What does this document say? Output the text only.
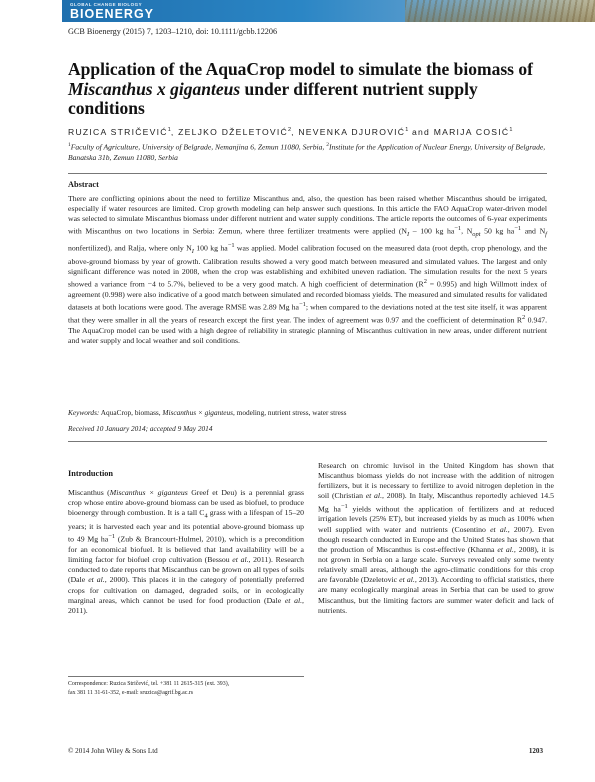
GLOBAL CHANGE BIOLOGY
BIOENERGY
GCB Bioenergy (2015) 7, 1203–1210, doi: 10.1111/gcbb.12206
Application of the AquaCrop model to simulate the biomass of Miscanthus x giganteus under different nutrient supply conditions
RUZICA STRIČEVIĆ$^1$, ZELJKO DŽELETOVIĆ$^2$, NEVENKA DJUROVIĆ$^1$ and MARIJA COSIĆ$^1$
$^1$Faculty of Agriculture, University of Belgrade, Nemanjina 6, Zemun 11080, Serbia, $^2$Institute for the Application of Nuclear Energy, University of Belgrade, Banatska 31b, Zemun 11080, Serbia
Abstract

There are conflicting opinions about the need to fertilize Miscanthus and, also, the question has been raised whether Miscanthus should be irrigated, especially if water resources are limited. Crop growth modeling can help answer such questions. In this article the FAO AquaCrop water-driven model was selected to simulate Miscanthus biomass under different nutrient and water supply conditions. The article reports the outcomes of 6-year experiments with Miscanthus on two locations in Serbia: Zemun, where three fertilizer treatments were applied ($N_I - 100$ kg $ha^{-1}$, $N_{opt}$ 50 kg $ha^{-1}$ and $N_f$ nonfertilized), and Ralja, where only $N_I$ 100 kg $ha^{-1}$ was applied. Model calibration focused on the measured data (root depth, crop phenology, and the above-ground biomass by year of growth. Calibration results showed a very good match between measured and simulated values. The largest and only significant difference was noted in 2008, when the crop was establishing and exhibited uneven radiation. The simulation results for the next 5 years showed a variance from −4 to 5.7%, believed to be a very good match. A high coefficient of determination $(R^2 = 0.995)$ and high Willmott index of agreement (0.998) were also indicative of a good match between simulated and recorded biomass yields. The measured and simulated results for validated datasets at both locations were good. The average RMSE was 2.89 Mg $ha^{-1}$; when compared to the deviations noted at the test site itself, it was apparent that they were smaller in all the years of research except the first year. The index of agreement was 0.97 and the coefficient of determination $R^2$ 0.947. The AquaCrop model can be used with a high degree of reliability in strategic planning of Miscanthus cultivation in new areas, under different nutrient and water supply and local weather and soil conditions.

Keywords: AquaCrop, biomass, Miscanthus × giganteus, modeling, nutrient stress, water stress
Received 10 January 2014; accepted 9 May 2014
Introduction

Miscanthus (Miscanthus × giganteus Greef et Deu) is a perennial grass crop whose entire above-ground biomass can be used as biofuel, to produce bioenergy through combustion. It is a tall $C_4$ grass with a lifespan of 15–20 years; it is harvested each year and its potential above-ground biomass up to 49 Mg $ha^{-1}$ (Zub & Brancourt-Hulmel, 2010), which is a precondition for an economical biofuel. It is believed that land availability will be a limiting factor for biofuel crop cultivation (Bessou et al., 2011). Research conducted to date reports that Miscanthus can be grown on all types of soils (Dale et al., 2000). This places it in the category of potentially preferred crops for cultivation on damaged, degraded soils, or in ecologically marginal areas, which cannot be used for food production (Dale et al., 2011).

Research on chromic luvisol in the United Kingdom has shown that Miscanthus biomass yields do not increase with the addition of nitrogen fertilizers, but it is necessary to fertilize to avoid nitrogen depletion in the soil (Christian et al., 2008). In Italy, Miscanthus reportedly achieved 14.5 Mg $ha^{-1}$ yields without the application of fertilizers and at reduced irrigation levels (25% ET), but increased yields by as much as 100% when well supplied with water and nutrients (Cosentino et al., 2007). Even though research conducted in Europe and the United States has shown that the production of Miscanthus is cost-effective (Khanna et al., 2008), it is not grown in Serbia on a large scale. Surveys revealed only some twenty relatively small areas, although the agro-climatic conditions for this crop are favorable (Dzeletovic et al., 2013). According to official statistics, there are many ecologically marginal areas in Serbia that can be used to grow Miscanthus, but the limiting factors are summer water deficit and lack of nutrients.

Correspondence: Ruzica Stričević, tel. +381 11 2615-315 (ext. 393),
fax 381 11 31-61-352, e-mail: sruzica@agrif.bg.ac.rs
© 2014 John Wiley & Sons Ltd	1203
